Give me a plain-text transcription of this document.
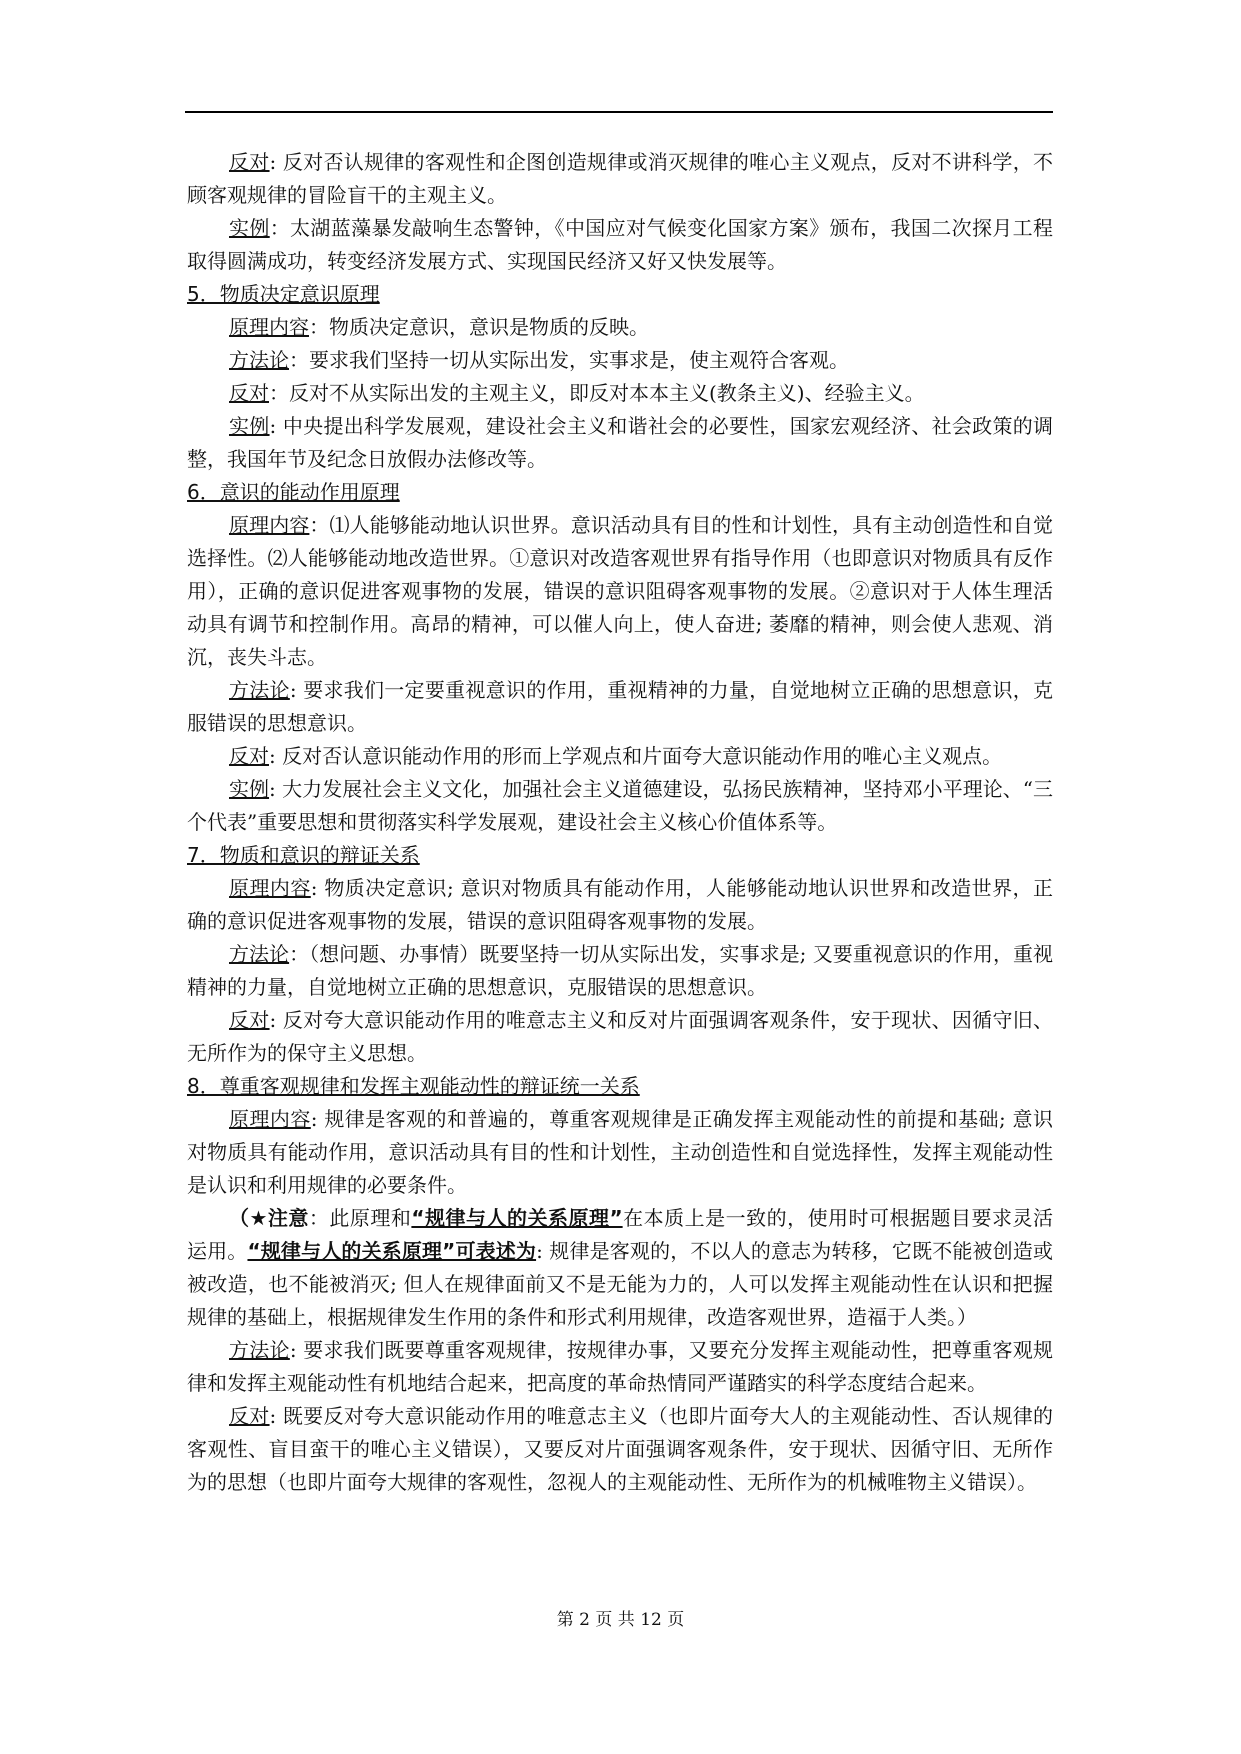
反对: 反对否认规律的客观性和企图创造规律或消灭规律的唯心主义观点，反对不讲科学，不顾客观规律的冒险盲干的主观主义。

实例：太湖蓝藻暴发敲响生态警钟，《中国应对气候变化国家方案》颁布，我国二次探月工程取得圆满成功，转变经济发展方式、实现国民经济又好又快发展等。

5．物质决定意识原理

原理内容：物质决定意识，意识是物质的反映。

方法论：要求我们坚持一切从实际出发，实事求是，使主观符合客观。

反对：反对不从实际出发的主观主义，即反对本本主义(教条主义)、经验主义。

实例: 中央提出科学发展观，建设社会主义和谐社会的必要性，国家宏观经济、社会政策的调整，我国年节及纪念日放假办法修改等。

6．意识的能动作用原理

原理内容：⑴人能够能动地认识世界。意识活动具有目的性和计划性，具有主动创造性和自觉选择性。⑵人能够能动地改造世界。①意识对改造客观世界有指导作用（也即意识对物质具有反作用），正确的意识促进客观事物的发展，错误的意识阻碍客观事物的发展。②意识对于人体生理活动具有调节和控制作用。高昂的精神，可以催人向上，使人奋进; 萎靡的精神，则会使人悲观、消沉，丧失斗志。

方法论: 要求我们一定要重视意识的作用，重视精神的力量，自觉地树立正确的思想意识，克服错误的思想意识。

反对: 反对否认意识能动作用的形而上学观点和片面夸大意识能动作用的唯心主义观点。

实例: 大力发展社会主义文化，加强社会主义道德建设，弘扬民族精神，坚持邓小平理论、“三个代表”重要思想和贯彻落实科学发展观，建设社会主义核心价值体系等。

7．物质和意识的辩证关系

原理内容: 物质决定意识; 意识对物质具有能动作用，人能够能动地认识世界和改造世界，正确的意识促进客观事物的发展，错误的意识阻碍客观事物的发展。

方法论：（想问题、办事情）既要坚持一切从实际出发，实事求是; 又要重视意识的作用，重视精神的力量，自觉地树立正确的思想意识，克服错误的思想意识。

反对: 反对夸大意识能动作用的唯意志主义和反对片面强调客观条件，安于现状、因循守旧、无所作为的保守主义思想。

8．尊重客观规律和发挥主观能动性的辩证统一关系

原理内容: 规律是客观的和普遍的，尊重客观规律是正确发挥主观能动性的前提和基础; 意识对物质具有能动作用，意识活动具有目的性和计划性，主动创造性和自觉选择性，发挥主观能动性是认识和利用规律的必要条件。

（★注意：此原理和“规律与人的关系原理”在本质上是一致的，使用时可根据题目要求灵活运用。“规律与人的关系原理”可表述为: 规律是客观的，不以人的意志为转移，它既不能被创造或被改造，也不能被消灭; 但人在规律面前又不是无能为力的，人可以发挥主观能动性在认识和把握规律的基础上，根据规律发生作用的条件和形式利用规律，改造客观世界，造福于人类。）

方法论: 要求我们既要尊重客观规律，按规律办事，又要充分发挥主观能动性，把尊重客观规律和发挥主观能动性有机地结合起来，把高度的革命热情同严谨踏实的科学态度结合起来。

反对: 既要反对夸大意识能动作用的唯意志主义（也即片面夸大人的主观能动性、否认规律的客观性、盲目蛮干的唯心主义错误），又要反对片面强调客观条件，安于现状、因循守旧、无所作为的思想（也即片面夸大规律的客观性，忽视人的主观能动性、无所作为的机械唯物主义错误）。

第 2 页 共 12 页
